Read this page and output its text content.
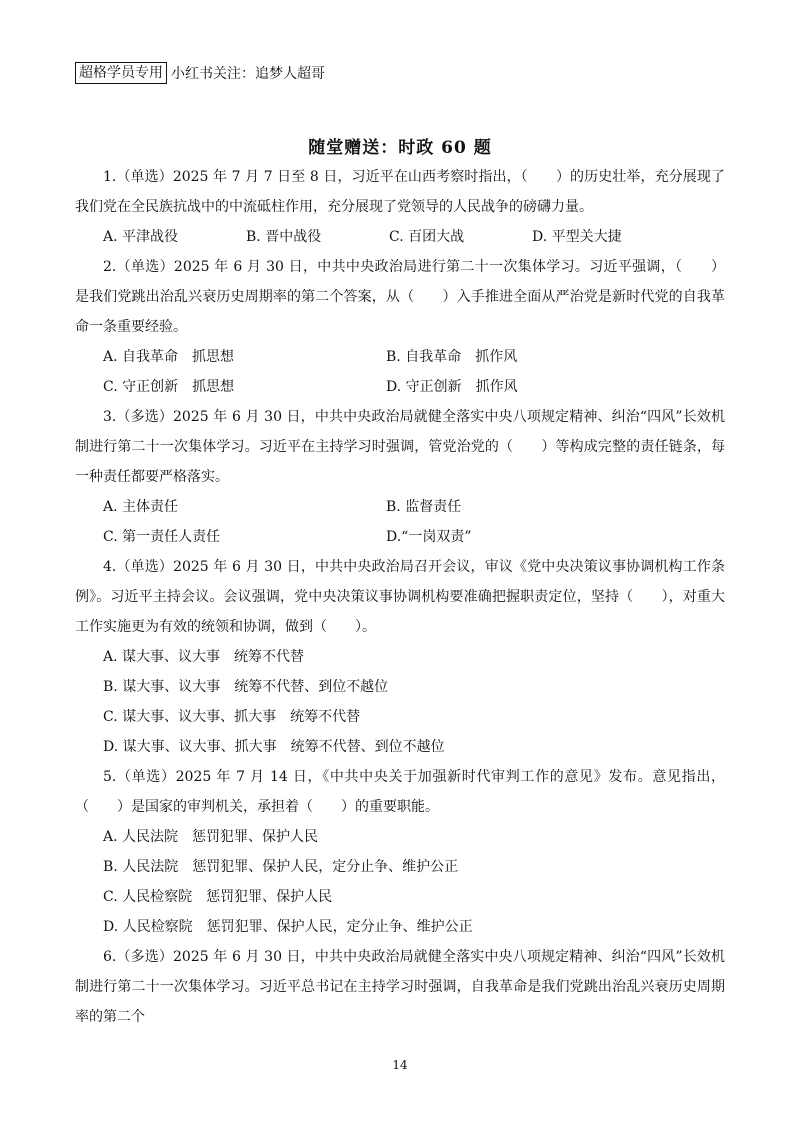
超格学员专用 小红书关注：追梦人超哥
随堂赠送：时政 60 题

1.（单选）2025 年 7 月 7 日至 8 日，习近平在山西考察时指出，（　　）的历史壮举，充分展现了我们党在全民族抗战中的中流砥柱作用，充分展现了党领导的人民战争的磅礴力量。

A. 平津战役	B. 晋中战役	C. 百团大战	D. 平型关大捷

2.（单选）2025 年 6 月 30 日，中共中央政治局进行第二十一次集体学习。习近平强调，（　　）是我们党跳出治乱兴衰历史周期率的第二个答案，从（　　）入手推进全面从严治党是新时代党的自我革命一条重要经验。

A. 自我革命　抓思想	B. 自我革命　抓作风
C. 守正创新　抓思想	D. 守正创新　抓作风

3.（多选）2025 年 6 月 30 日，中共中央政治局就健全落实中央八项规定精神、纠治“四风”长效机制进行第二十一次集体学习。习近平在主持学习时强调，管党治党的（　　）等构成完整的责任链条，每一种责任都要严格落实。

A. 主体责任	B. 监督责任
C. 第一责任人责任	D.“一岗双责”

4.（单选）2025 年 6 月 30 日，中共中央政治局召开会议，审议《党中央决策议事协调机构工作条例》。习近平主持会议。会议强调，党中央决策议事协调机构要准确把握职责定位，坚持（　　），对重大工作实施更为有效的统领和协调，做到（　　）。

A. 谋大事、议大事　统筹不代替
B. 谋大事、议大事　统筹不代替、到位不越位
C. 谋大事、议大事、抓大事　统筹不代替
D. 谋大事、议大事、抓大事　统筹不代替、到位不越位

5.（单选）2025 年 7 月 14 日，《中共中央关于加强新时代审判工作的意见》发布。意见指出，（　　）是国家的审判机关，承担着（　　）的重要职能。

A. 人民法院　惩罚犯罪、保护人民
B. 人民法院　惩罚犯罪、保护人民，定分止争、维护公正
C. 人民检察院　惩罚犯罪、保护人民
D. 人民检察院　惩罚犯罪、保护人民，定分止争、维护公正

6.（多选）2025 年 6 月 30 日，中共中央政治局就健全落实中央八项规定精神、纠治“四风”长效机制进行第二十一次集体学习。习近平总书记在主持学习时强调，自我革命是我们党跳出治乱兴衰历史周期率的第二个

14
